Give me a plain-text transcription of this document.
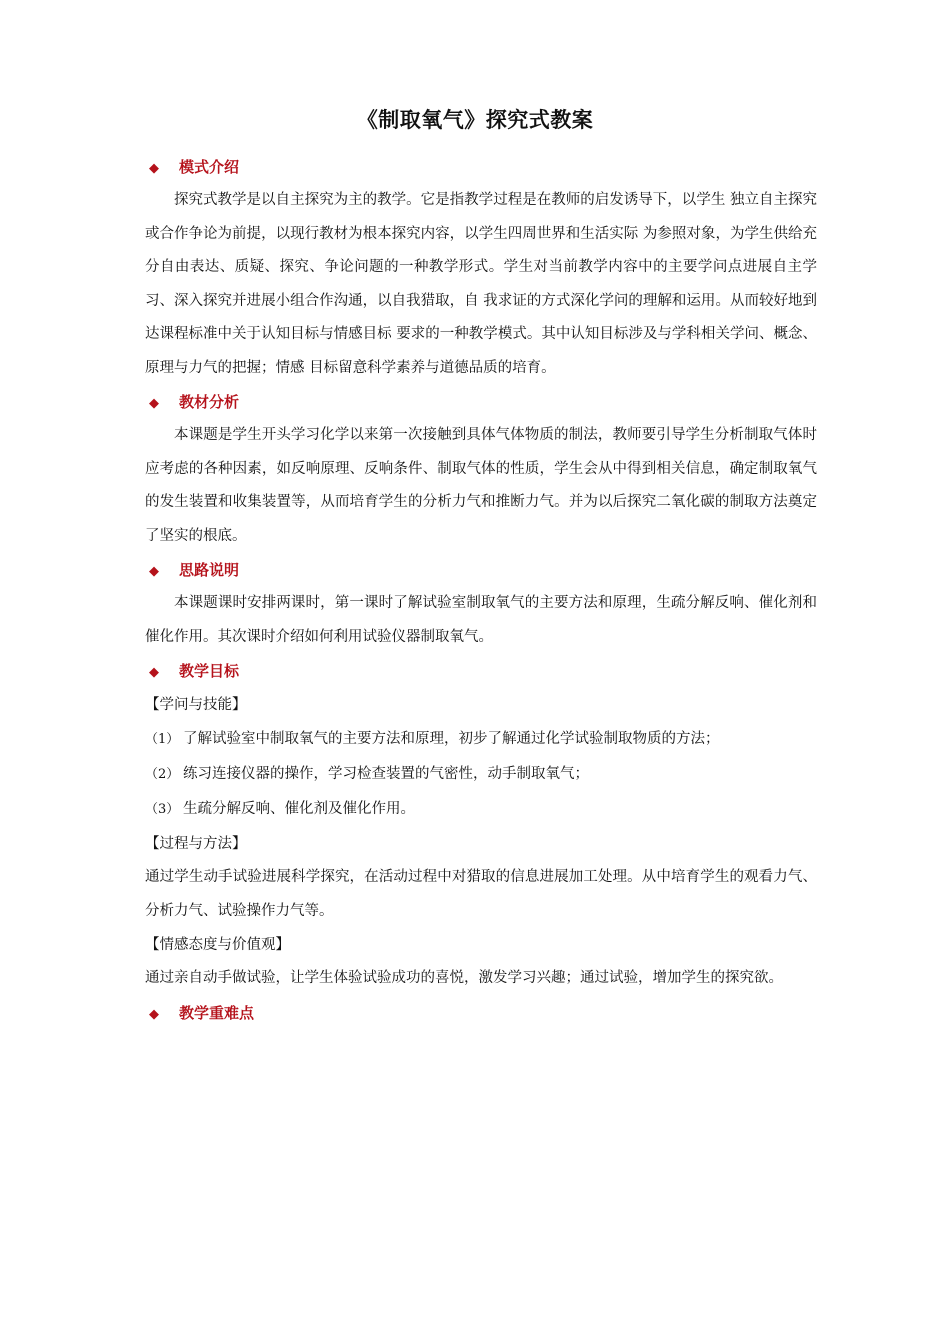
《制取氧气》探究式教案
◆ 模式介绍

探究式教学是以自主探究为主的教学。它是指教学过程是在教师的启发诱导下，以学生 独立自主探究或合作争论为前提，以现行教材为根本探究内容，以学生四周世界和生活实际 为参照对象，为学生供给充分自由表达、质疑、探究、争论问题的一种教学形式。学生对当前教学内容中的主要学问点进展自主学习、深入探究并进展小组合作沟通，以自我猎取，自 我求证的方式深化学问的理解和运用。从而较好地到达课程标准中关于认知目标与情感目标 要求的一种教学模式。其中认知目标涉及与学科相关学问、概念、原理与力气的把握；情感 目标留意科学素养与道德品质的培育。

◆ 教材分析

本课题是学生开头学习化学以来第一次接触到具体气体物质的制法，教师要引导学生分析制取气体时应考虑的各种因素，如反响原理、反响条件、制取气体的性质，学生会从中得到相关信息，确定制取氧气的发生装置和收集装置等，从而培育学生的分析力气和推断力气。并为以后探究二氧化碳的制取方法奠定了坚实的根底。

◆ 思路说明

本课题课时安排两课时，第一课时了解试验室制取氧气的主要方法和原理，生疏分解反响、催化剂和催化作用。其次课时介绍如何利用试验仪器制取氧气。

◆ 教学目标

【学问与技能】

（1） 了解试验室中制取氧气的主要方法和原理，初步了解通过化学试验制取物质的方法；

（2） 练习连接仪器的操作，学习检查装置的气密性，动手制取氧气；

（3） 生疏分解反响、催化剂及催化作用。

【过程与方法】

通过学生动手试验进展科学探究，在活动过程中对猎取的信息进展加工处理。从中培育学生的观看力气、分析力气、试验操作力气等。

【情感态度与价值观】

通过亲自动手做试验，让学生体验试验成功的喜悦，激发学习兴趣；通过试验，增加学生的探究欲。

◆ 教学重难点
